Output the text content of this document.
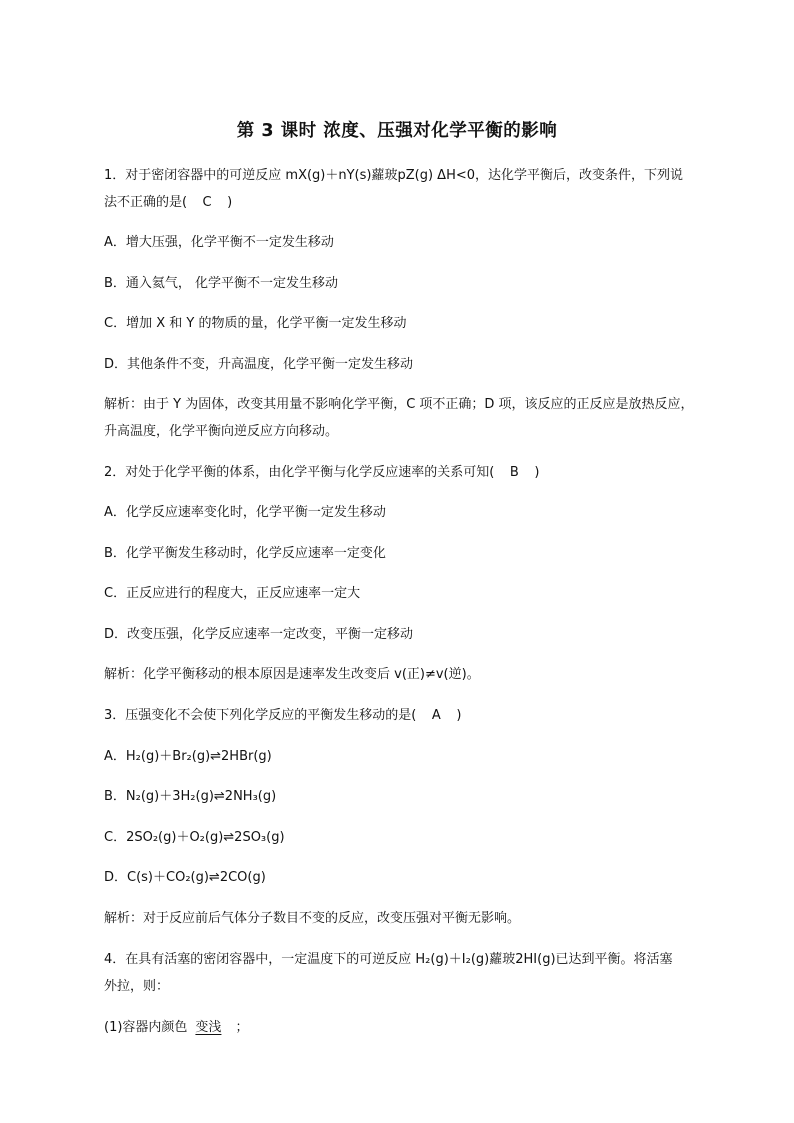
第 3 课时 浓度、压强对化学平衡的影响
1．对于密闭容器中的可逆反应 mX(g)＋nY(s)蘿玻pZ(g) ΔH<0，达化学平衡后，改变条件，下列说
法不正确的是( C )
A．增大压强，化学平衡不一定发生移动
B．通入氦气， 化学平衡不一定发生移动
C．增加 X 和 Y 的物质的量，化学平衡一定发生移动
D．其他条件不变，升高温度，化学平衡一定发生移动
解析：由于 Y 为固体，改变其用量不影响化学平衡，C 项不正确；D 项，该反应的正反应是放热反应，
升高温度，化学平衡向逆反应方向移动。
2．对处于化学平衡的体系，由化学平衡与化学反应速率的关系可知( B )
A．化学反应速率变化时，化学平衡一定发生移动
B．化学平衡发生移动时，化学反应速率一定变化
C．正反应进行的程度大，正反应速率一定大
D．改变压强，化学反应速率一定改变，平衡一定移动
解析：化学平衡移动的根本原因是速率发生改变后 v(正)≠v(逆)。
3．压强变化不会使下列化学反应的平衡发生移动的是( A )
A．H₂(g)＋Br₂(g)⇌2HBr(g)
B．N₂(g)＋3H₂(g)⇌2NH₃(g)
C．2SO₂(g)＋O₂(g)⇌2SO₃(g)
D．C(s)＋CO₂(g)⇌2CO(g)
解析：对于反应前后气体分子数目不变的反应，改变压强对平衡无影响。
4．在具有活塞的密闭容器中，一定温度下的可逆反应 H₂(g)＋I₂(g)蘿玻2HI(g)已达到平衡。将活塞
外拉，则：
(1)容器内颜色 变浅 ；
